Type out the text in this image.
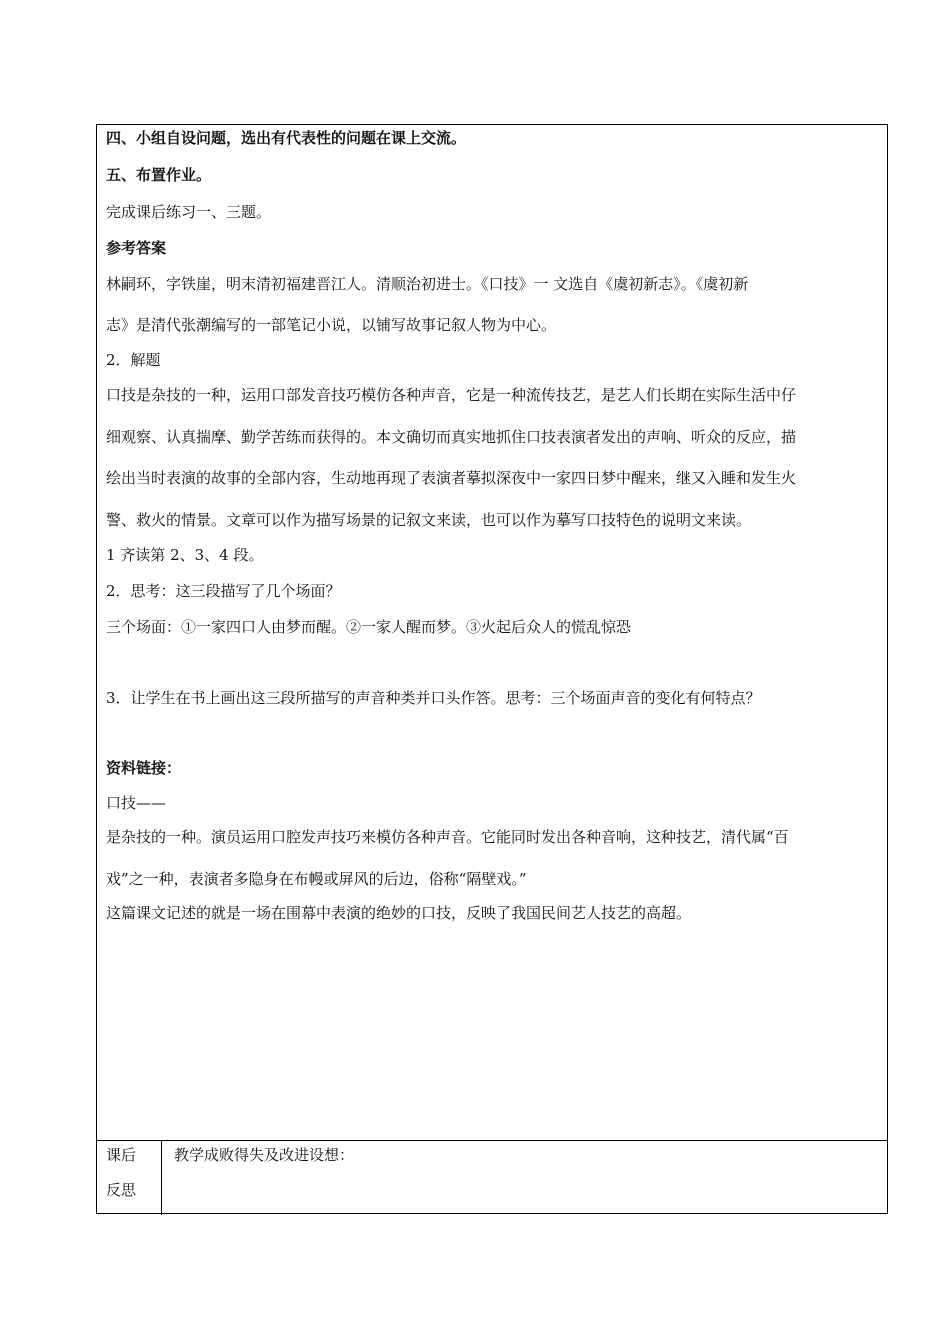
四、小组自设问题，选出有代表性的问题在课上交流。
五、布置作业。
完成课后练习一、三题。
参考答案
林嗣环，字铁崖，明末清初福建晋江人。清顺治初进士。《口技》一 文选自《虞初新志》。《虞初新
志》是清代张潮编写的一部笔记小说，以铺写故事记叙人物为中心。
2．解题
口技是杂技的一种，运用口部发音技巧模仿各种声音，它是一种流传技艺，是艺人们长期在实际生活中仔
细观察、认真揣摩、勤学苦练而获得的。本文确切而真实地抓住口技表演者发出的声响、听众的反应，描
绘出当时表演的故事的全部内容，生动地再现了表演者摹拟深夜中一家四日梦中醒来，继又入睡和发生火
警、救火的情景。文章可以作为描写场景的记叙文来读，也可以作为摹写口技特色的说明文来读。
1 齐读第 2、3、4 段。
2．思考：这三段描写了几个场面？
三个场面：①一家四口人由梦而醒。②一家人醒而梦。③火起后众人的慌乱惊恐
3．让学生在书上画出这三段所描写的声音种类并口头作答。思考：三个场面声音的变化有何特点？
资料链接：
口技——
是杂技的一种。演员运用口腔发声技巧来模仿各种声音。它能同时发出各种音响，这种技艺，清代属“百
戏”之一种，表演者多隐身在布幔或屏风的后边，俗称“隔壁戏。”
这篇课文记述的就是一场在围幕中表演的绝妙的口技，反映了我国民间艺人技艺的高超。
课后
反思
教学成败得失及改进设想：
